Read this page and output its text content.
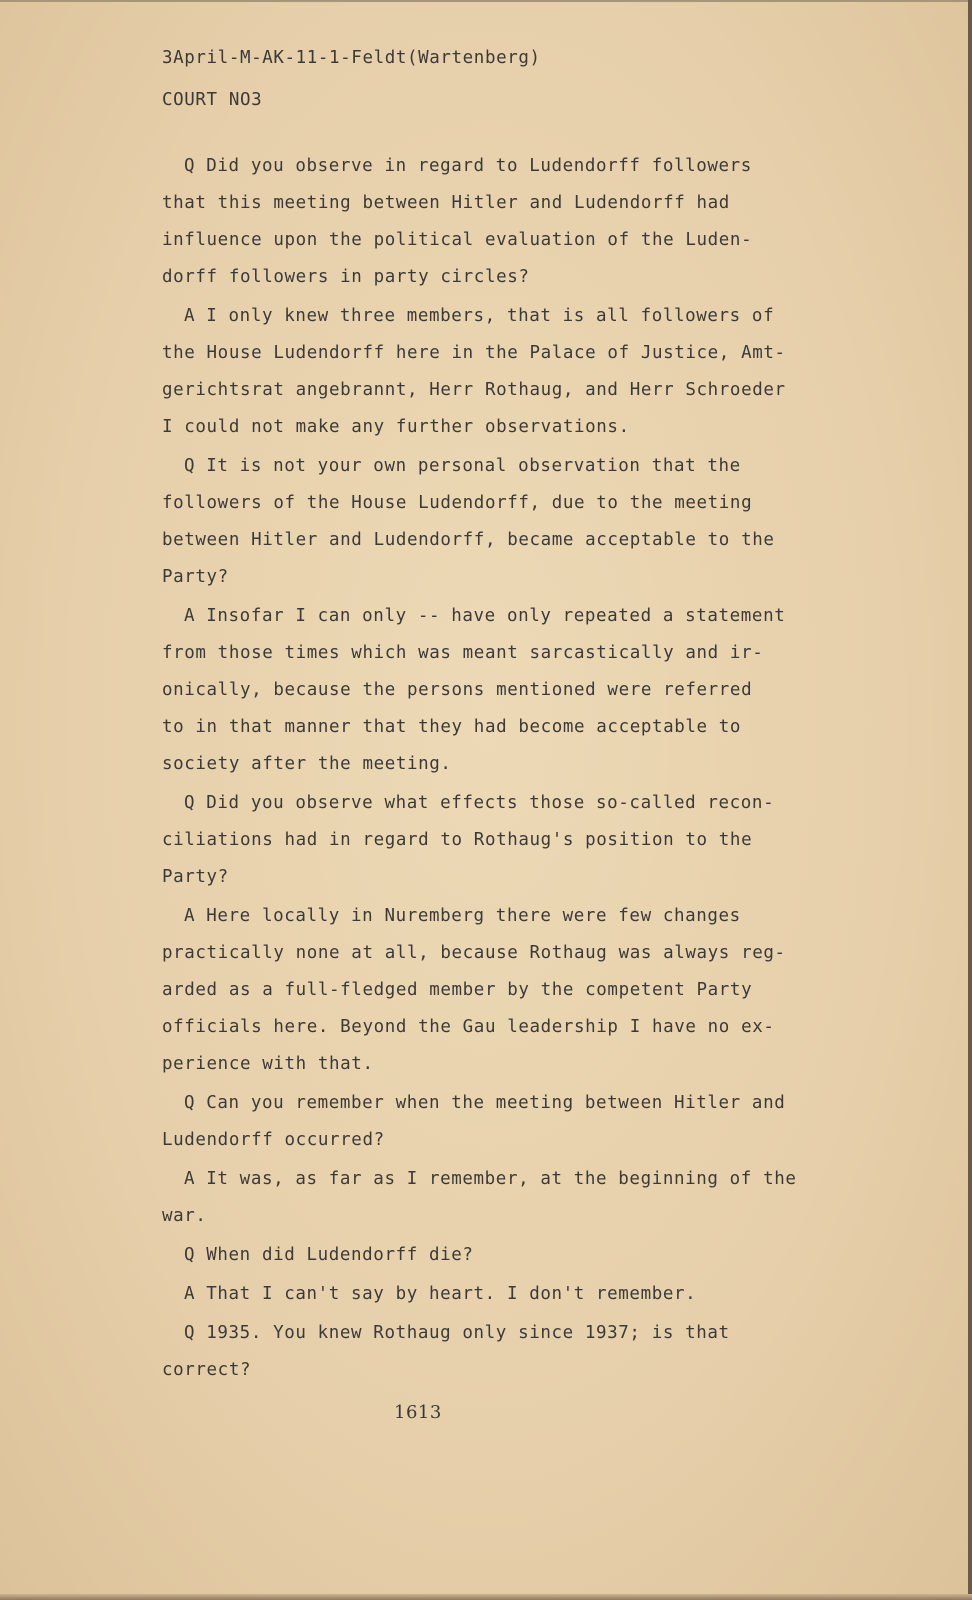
3April-M-AK-11-1-Feldt(Wartenberg)
COURT NO3

Q Did you observe in regard to Ludendorff followers
that this meeting between Hitler and Ludendorff had
influence upon the political evaluation of the Luden-
dorff followers in party circles?

A I only knew three members, that is all followers of
the House Ludendorff here in the Palace of Justice, Amt-
gerichtsrat angebrannt, Herr Rothaug, and Herr Schroeder
I could not make any further observations.

Q It is not your own personal observation that the
followers of the House Ludendorff, due to the meeting
between Hitler and Ludendorff, became acceptable to the
Party?

A Insofar I can only -- have only repeated a statement
from those times which was meant sarcastically and ir-
onically, because the persons mentioned were referred
to in that manner that they had become acceptable to
society after the meeting.

Q Did you observe what effects those so-called recon-
ciliations had in regard to Rothaug's position to the
Party?

A Here locally in Nuremberg there were few changes
practically none at all, because Rothaug was always reg-
arded as a full-fledged member by the competent Party
officials here. Beyond the Gau leadership I have no ex-
perience with that.

Q Can you remember when the meeting between Hitler and
Ludendorff occurred?

A It was, as far as I remember, at the beginning of the
war.

Q When did Ludendorff die?

A That I can't say by heart. I don't remember.

Q 1935. You knew Rothaug only since 1937; is that
correct?

1613
